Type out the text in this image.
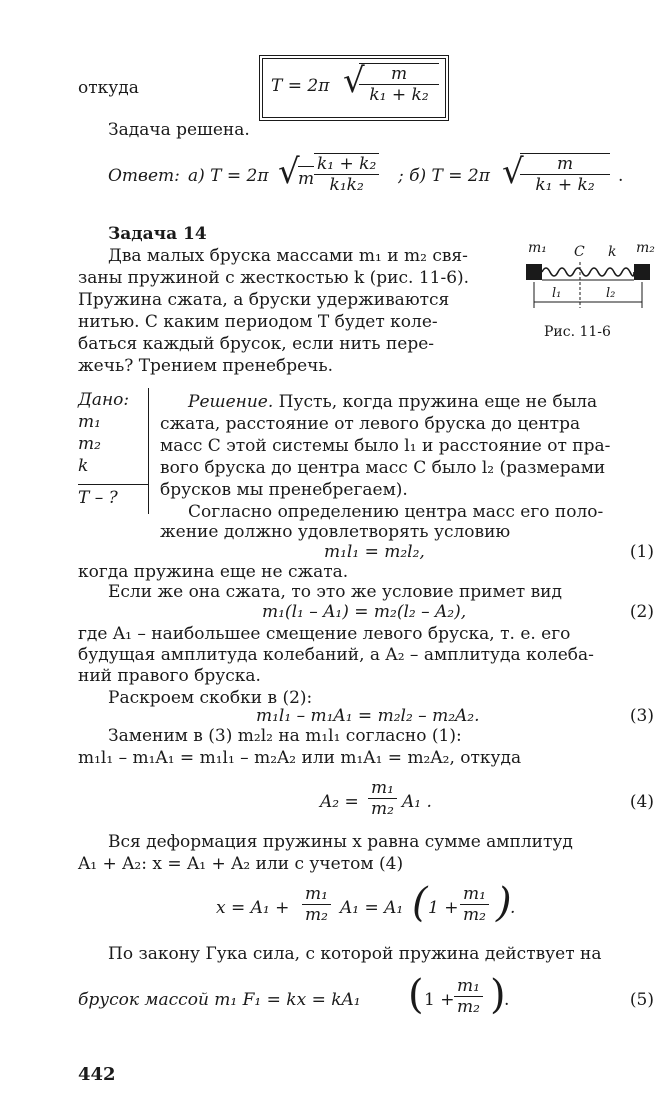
откуда	T = 2π √
$\frac{m}{\text{k₁ + k₂}}$
Задача решена.
Ответ: а) T = 2π √
m $\frac{\text{k₁ + k₂}}{\text{k₁k₂}}$ ; б) T = 2π √
$\frac{m}{\text{k₁ + k₂}}$ .
Задача 14
Два малых бруска массами m₁ и m₂ свя-
заны пружиной с жесткостью k (рис. 11-6).
Пружина сжата, а бруски удерживаются
нитью. С каким периодом T будет коле-
баться каждый брусок, если нить пере-
жечь? Трением пренебречь.
m₁ C k m₂
l₁	l₂
Рис. 11-6
Дано:
m₁
m₂
k
T – ?
Решение. Пусть, когда пружина еще не была
сжата, расстояние от левого бруска до центра
масс C этой системы было l₁ и расстояние от пра-
вого бруска до центра масс C было l₂ (размерами
брусков мы пренебрегаем).
Согласно определению центра масс его поло-
жение должно удовлетворять условию
m₁l₁ = m₂l₂,	(1)
когда пружина еще не сжата.
Если же она сжата, то это же условие примет вид
m₁(l₁ – A₁) = m₂(l₂ – A₂),	(2)
где A₁ – наибольшее смещение левого бруска, т. е. его
будущая амплитуда колебаний, а A₂ – амплитуда колеба-
ний правого бруска.
Раскроем скобки в (2):
m₁l₁ – m₁A₁ = m₂l₂ – m₂A₂.	(3)
Заменим в (3) m₂l₂ на m₁l₁ согласно (1):
m₁l₁ – m₁A₁ = m₁l₁ – m₂A₂ или m₁A₁ = m₂A₂, откуда
$A_2 = \frac{\text{m₁}}{\text{m₂}} A_1$ .	(4)
Вся деформация пружины x равна сумме амплитуд
A₁ + A₂: x = A₁ + A₂ или с учетом (4)
$x = A_1 + \frac{\text{m₁}}{\text{m₂}} A_1 = A_1$ ( $1 + \frac{\text{m₁}}{\text{m₂}}$ )
.
По закону Гука сила, с которой пружина действует на
брусок массой m₁ F₁ = kx = kA₁ ( $1 + \frac{\text{m₁}}{\text{m₂}}$ )
.	(5)
442
